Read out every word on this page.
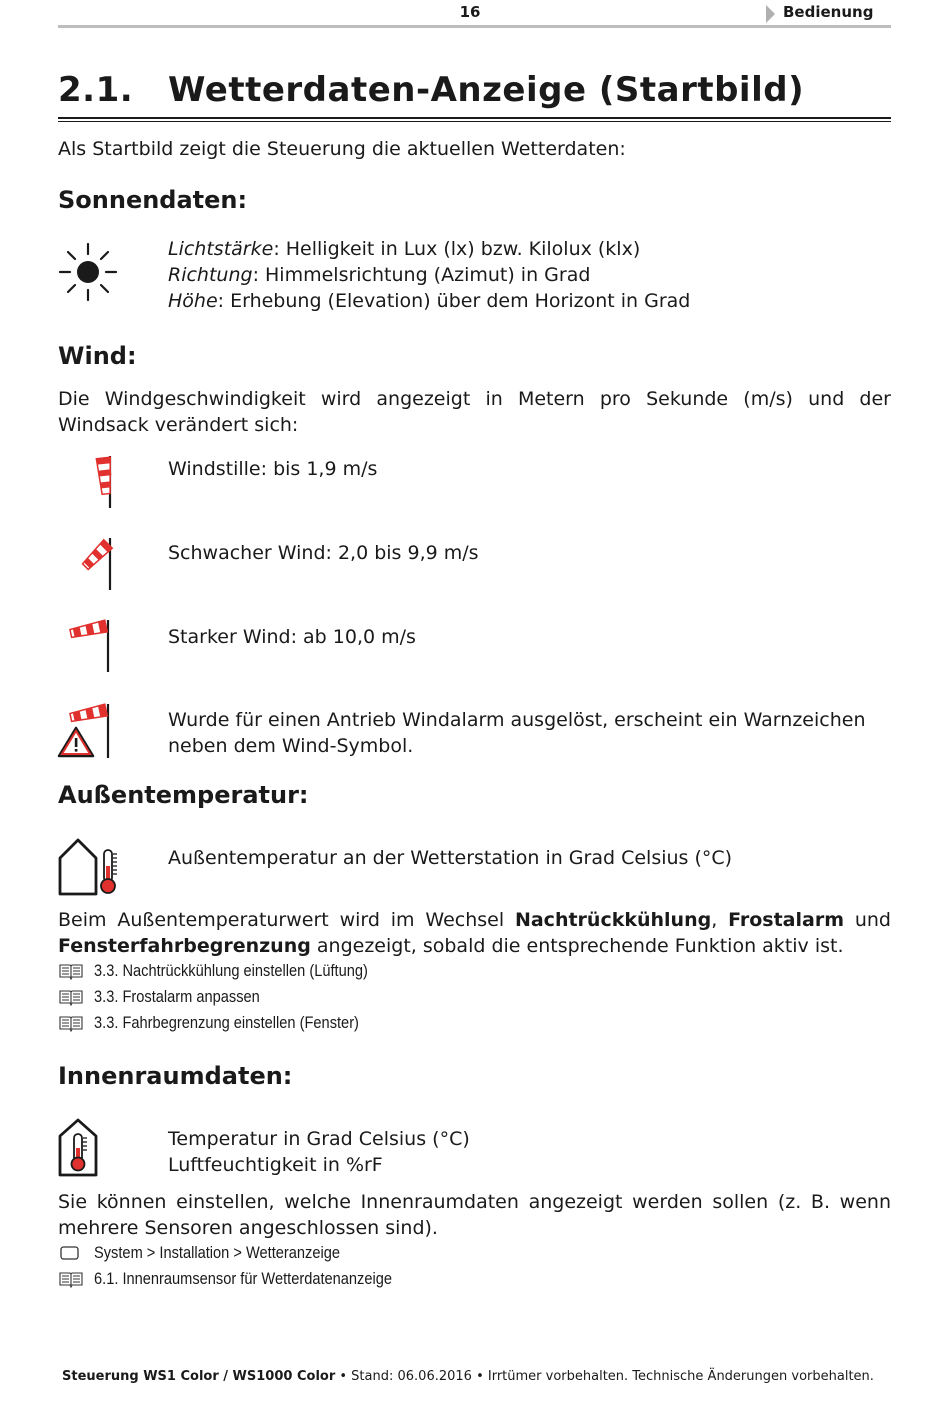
16	Bedienung
2.1. Wetterdaten-Anzeige (Startbild)
Als Startbild zeigt die Steuerung die aktuellen Wetterdaten:
Sonnendaten:
Lichtstärke: Helligkeit in Lux (lx) bzw. Kilolux (klx)
Richtung: Himmelsrichtung (Azimut) in Grad
Höhe: Erhebung (Elevation) über dem Horizont in Grad
Wind:
Die Windgeschwindigkeit wird angezeigt in Metern pro Sekunde (m/s) und der Windsack verändert sich:
Windstille: bis 1,9 m/s
Schwacher Wind: 2,0 bis 9,9 m/s
Starker Wind: ab 10,0 m/s
Wurde für einen Antrieb Windalarm ausgelöst, erscheint ein Warnzeichen neben dem Wind-Symbol.
Außentemperatur:
Außentemperatur an der Wetterstation in Grad Celsius (°C)
Beim Außentemperaturwert wird im Wechsel Nachtrückkühlung, Frostalarm und Fensterfahrbegrenzung angezeigt, sobald die entsprechende Funktion aktiv ist.
3.3. Nachtrückkühlung einstellen (Lüftung)
3.3. Frostalarm anpassen
3.3. Fahrbegrenzung einstellen (Fenster)
Innenraumdaten:
Temperatur in Grad Celsius (°C)
Luftfeuchtigkeit in %rF
Sie können einstellen, welche Innenraumdaten angezeigt werden sollen (z. B. wenn mehrere Sensoren angeschlossen sind).
System > Installation > Wetteranzeige
6.1. Innenraumsensor für Wetterdatenanzeige
Steuerung WS1 Color / WS1000 Color • Stand: 06.06.2016 • Irrtümer vorbehalten. Technische Änderungen vorbehalten.
